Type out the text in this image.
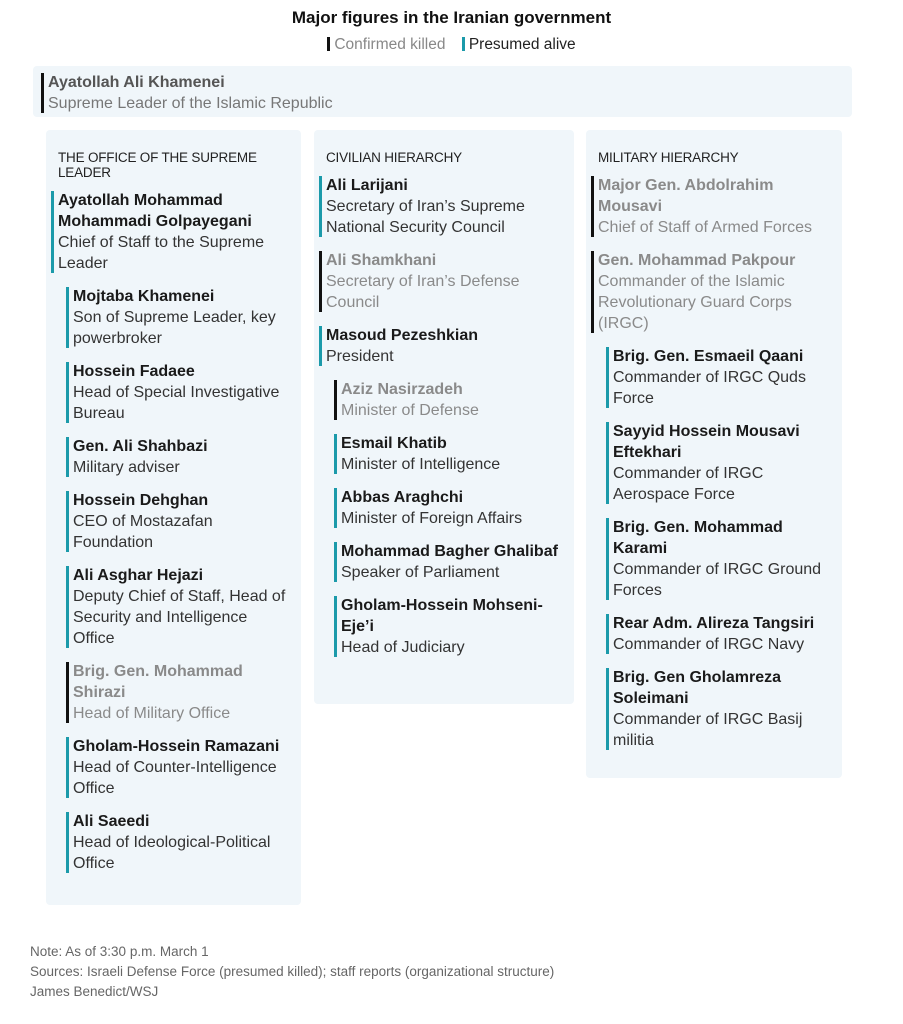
Major figures in the Iranian government
Confirmed killed Presumed alive
Ayatollah Ali Khamenei
Supreme Leader of the Islamic Republic
THE OFFICE OF THE SUPREME LEADER
Ayatollah Mohammad Mohammadi Golpayegani
Chief of Staff to the Supreme Leader
Mojtaba Khamenei
Son of Supreme Leader, key powerbroker
Hossein Fadaee
Head of Special Investigative Bureau
Gen. Ali Shahbazi
Military adviser
Hossein Dehghan
CEO of Mostazafan Foundation
Ali Asghar Hejazi
Deputy Chief of Staff, Head of Security and Intelligence Office
Brig. Gen. Mohammad Shirazi
Head of Military Office
Gholam-Hossein Ramazani
Head of Counter-Intelligence Office
Ali Saeedi
Head of Ideological-Political Office
CIVILIAN HIERARCHY
Ali Larijani
Secretary of Iran’s Supreme National Security Council
Ali Shamkhani
Secretary of Iran’s Defense Council
Masoud Pezeshkian
President
Aziz Nasirzadeh
Minister of Defense
Esmail Khatib
Minister of Intelligence
Abbas Araghchi
Minister of Foreign Affairs
Mohammad Bagher Ghalibaf
Speaker of Parliament
Gholam-Hossein Mohseni-Eje’i
Head of Judiciary
MILITARY HIERARCHY
Major Gen. Abdolrahim Mousavi
Chief of Staff of Armed Forces
Gen. Mohammad Pakpour
Commander of the Islamic Revolutionary Guard Corps (IRGC)
Brig. Gen. Esmaeil Qaani
Commander of IRGC Quds Force
Sayyid Hossein Mousavi Eftekhari
Commander of IRGC Aerospace Force
Brig. Gen. Mohammad Karami
Commander of IRGC Ground Forces
Rear Adm. Alireza Tangsiri
Commander of IRGC Navy
Brig. Gen Gholamreza Soleimani
Commander of IRGC Basij militia
Note: As of 3:30 p.m. March 1
Sources: Israeli Defense Force (presumed killed); staff reports (organizational structure)
James Benedict/WSJ
